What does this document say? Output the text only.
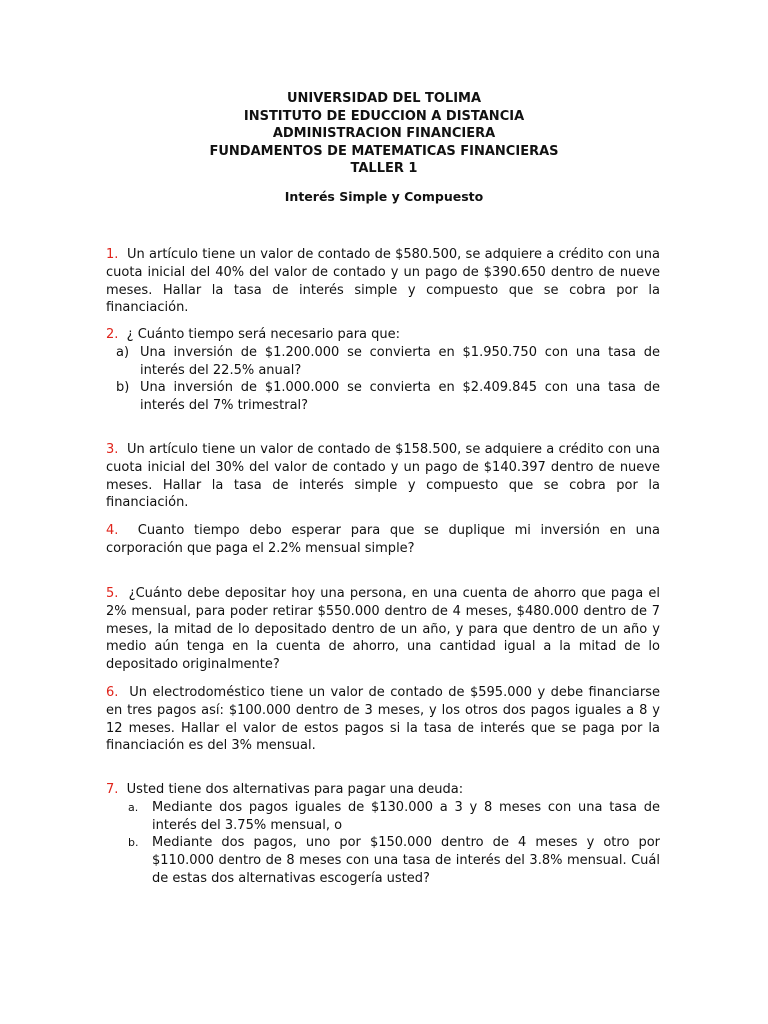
UNIVERSIDAD DEL TOLIMA
INSTITUTO DE EDUCCION A DISTANCIA
ADMINISTRACION FINANCIERA
FUNDAMENTOS DE MATEMATICAS FINANCIERAS
TALLER 1
Interés Simple y Compuesto
1. Un artículo tiene un valor de contado de $580.500, se adquiere a crédito con una cuota inicial del 40% del valor de contado y un pago de $390.650 dentro de nueve meses. Hallar la tasa de interés simple y compuesto que se cobra por la financiación.
2. ¿ Cuánto tiempo será necesario para que:
a) Una inversión de $1.200.000 se convierta en $1.950.750 con una tasa de interés del 22.5% anual?
b) Una inversión de $1.000.000 se convierta en $2.409.845 con una tasa de interés del 7% trimestral?
3. Un artículo tiene un valor de contado de $158.500, se adquiere a crédito con una cuota inicial del 30% del valor de contado y un pago de $140.397 dentro de nueve meses. Hallar la tasa de interés simple y compuesto que se cobra por la financiación.
4. Cuanto tiempo debo esperar para que se duplique mi inversión en una corporación que paga el 2.2% mensual simple?
5. ¿Cuánto debe depositar hoy una persona, en una cuenta de ahorro que paga el 2% mensual, para poder retirar $550.000 dentro de 4 meses, $480.000 dentro de 7 meses, la mitad de lo depositado dentro de un año, y para que dentro de un año y medio aún tenga en la cuenta de ahorro, una cantidad igual a la mitad de lo depositado originalmente?
6. Un electrodoméstico tiene un valor de contado de $595.000 y debe financiarse en tres pagos así: $100.000 dentro de 3 meses, y los otros dos pagos iguales a 8 y 12 meses. Hallar el valor de estos pagos si la tasa de interés que se paga por la financiación es del 3% mensual.
7. Usted tiene dos alternativas para pagar una deuda:
a.	Mediante dos pagos iguales de $130.000 a 3 y 8 meses con una tasa de interés del 3.75% mensual, o
b.	Mediante dos pagos, uno por $150.000 dentro de 4 meses y otro por $110.000 dentro de 8 meses con una tasa de interés del 3.8% mensual. Cuál de estas dos alternativas escogería usted?
